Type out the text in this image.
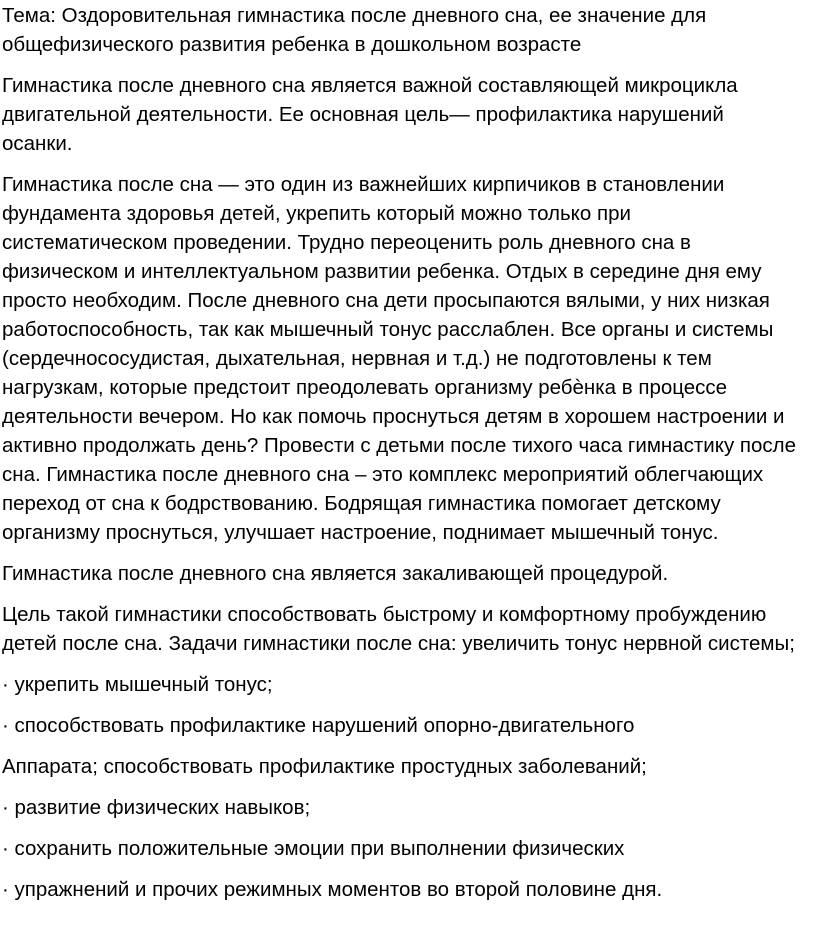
Тема: Оздоровительная гимнастика после дневного сна, ее значение для
общефизического развития ребенка в дошкольном возрасте

Гимнастика после дневного сна является важной составляющей микроцикла
двигательной деятельности. Ее основная цель— профилактика нарушений
осанки.

Гимнастика после сна — это один из важнейших кирпичиков в становлении
фундамента здоровья детей, укрепить который можно только при
систематическом проведении. Трудно переоценить роль дневного сна в
физическом и интеллектуальном развитии ребенка. Отдых в середине дня ему
просто необходим. После дневного сна дети просыпаются вялыми, у них низкая
работоспособность, так как мышечный тонус расслаблен. Все органы и системы
(сердечнососудистая, дыхательная, нервная и т.д.) не подготовлены к тем
нагрузкам, которые предстоит преодолевать организму ребѐнка в процессе
деятельности вечером. Но как помочь проснуться детям в хорошем настроении и
активно продолжать день? Провести с детьми после тихого часа гимнастику после
сна. Гимнастика после дневного сна – это комплекс мероприятий облегчающих
переход от сна к бодрствованию. Бодрящая гимнастика помогает детскому
организму проснуться, улучшает настроение, поднимает мышечный тонус.

Гимнастика после дневного сна является закаливающей процедурой.

Цель такой гимнастики способствовать быстрому и комфортному пробуждению
детей после сна. Задачи гимнастики после сна: увеличить тонус нервной системы;

· укрепить мышечный тонус;

· способствовать профилактике нарушений опорно-двигательного

Аппарата; способствовать профилактике простудных заболеваний;

· развитие физических навыков;

· сохранить положительные эмоции при выполнении физических

· упражнений и прочих режимных моментов во второй половине дня.
